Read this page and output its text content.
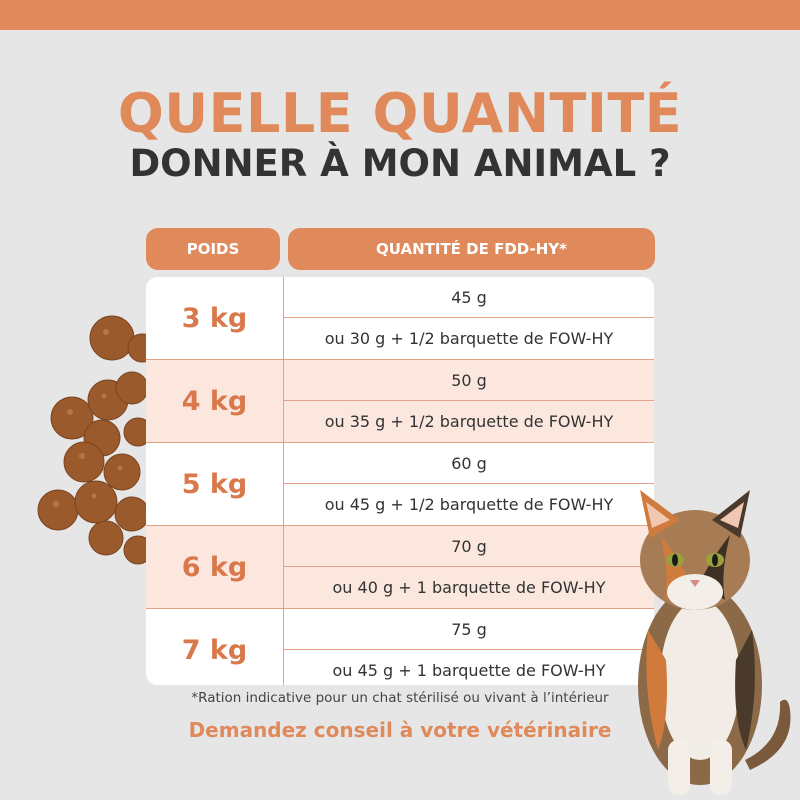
QUELLE QUANTITÉ
DONNER À MON ANIMAL ?
POIDS	QUANTITÉ DE FDD-HY*
3 kg
45 g
ou 30 g + 1/2 barquette de FOW-HY
4 kg
50 g
ou 35 g + 1/2 barquette de FOW-HY
5 kg
60 g
ou 45 g + 1/2 barquette de FOW-HY
6 kg
70 g
ou 40 g + 1 barquette de FOW-HY
7 kg
75 g
ou 45 g + 1 barquette de FOW-HY

*Ration indicative pour un chat stérilisé ou vivant à l’intérieur

Demandez conseil à votre vétérinaire
